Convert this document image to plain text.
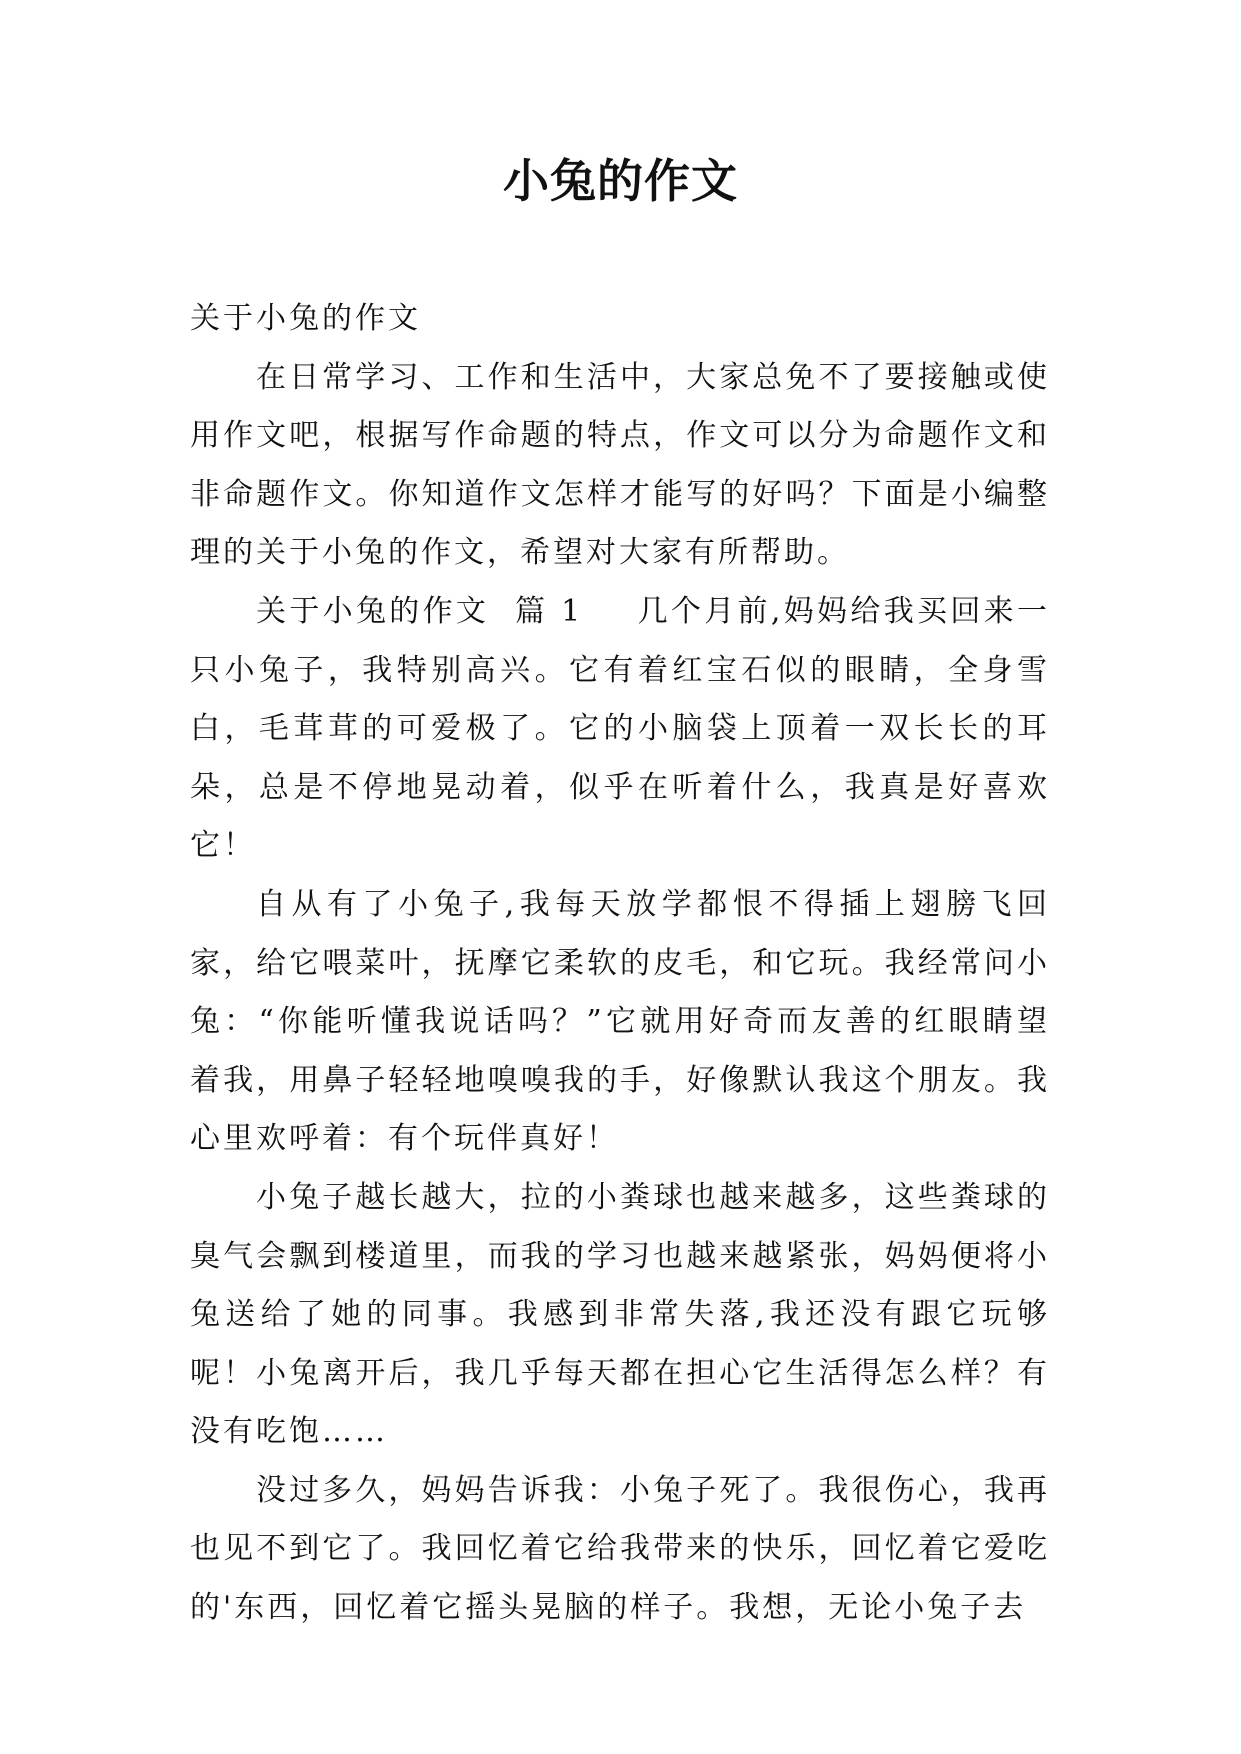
小兔的作文

关于小兔的作文

在日常学习、工作和生活中，大家总免不了要接触或使用作文吧，根据写作命题的特点，作文可以分为命题作文和非命题作文。你知道作文怎样才能写的好吗？下面是小编整理的关于小兔的作文，希望对大家有所帮助。

关于小兔的作文  篇 1 几个月前,妈妈给我买回来一只小兔子，我特别高兴。它有着红宝石似的眼睛，全身雪白，毛茸茸的可爱极了。它的小脑袋上顶着一双长长的耳朵，总是不停地晃动着，似乎在听着什么，我真是好喜欢它！

自从有了小兔子,我每天放学都恨不得插上翅膀飞回家，给它喂菜叶，抚摩它柔软的皮毛，和它玩。我经常问小兔：“你能听懂我说话吗？”它就用好奇而友善的红眼睛望着我，用鼻子轻轻地嗅嗅我的手，好像默认我这个朋友。我心里欢呼着：有个玩伴真好！

小兔子越长越大，拉的小粪球也越来越多，这些粪球的臭气会飘到楼道里，而我的学习也越来越紧张，妈妈便将小兔送给了她的同事。我感到非常失落,我还没有跟它玩够呢！小兔离开后，我几乎每天都在担心它生活得怎么样？有没有吃饱……

没过多久，妈妈告诉我：小兔子死了。我很伤心，我再也见不到它了。我回忆着它给我带来的快乐，回忆着它爱吃的'东西，回忆着它摇头晃脑的样子。我想，无论小兔子去
